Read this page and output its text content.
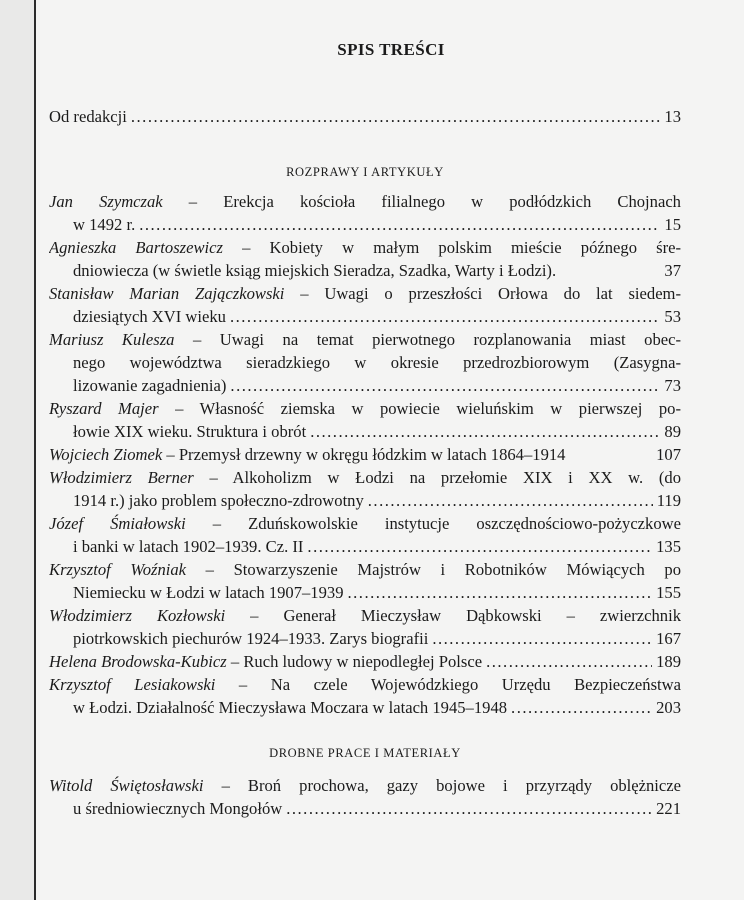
SPIS TREŚCI
Od redakcji .....	13
ROZPRAWY I ARTYKUŁY
Jan Szymczak – Erekcja kościoła filialnego w podłódzkich Chojnach
w 1492 r. .....	15
Agnieszka Bartoszewicz – Kobiety w małym polskim mieście późnego śre-
dniowiecza (w świetle ksiąg miejskich Sieradza, Szadka, Warty i Łodzi).	37
Stanisław Marian Zajączkowski – Uwagi o przeszłości Orłowa do lat siedem-
dziesiątych XVI wieku .....	53
Mariusz Kulesza – Uwagi na temat pierwotnego rozplanowania miast obec-
nego województwa sieradzkiego w okresie przedrozbiorowym (Zasygna-
lizowanie zagadnienia) .....	73
Ryszard Majer – Własność ziemska w powiecie wieluńskim w pierwszej po-
łowie XIX wieku. Struktura i obrót .....	89
Wojciech Ziomek – Przemysł drzewny w okręgu łódzkim w latach 1864–1914	107
Włodzimierz Berner – Alkoholizm w Łodzi na przełomie XIX i XX w. (do
1914 r.) jako problem społeczno-zdrowotny .....	119
Józef Śmiałowski – Zduńskowolskie instytucje oszczędnościowo-pożyczkowe
i banki w latach 1902–1939. Cz. II .....	135
Krzysztof Woźniak – Stowarzyszenie Majstrów i Robotników Mówiących po
Niemiecku w Łodzi w latach 1907–1939 .....	155
Włodzimierz Kozłowski – Generał Mieczysław Dąbkowski – zwierzchnik
piotrkowskich piechurów 1924–1933. Zarys biografii .....	167
Helena Brodowska-Kubicz – Ruch ludowy w niepodległej Polsce .....	189
Krzysztof Lesiakowski – Na czele Wojewódzkiego Urzędu Bezpieczeństwa
w Łodzi. Działalność Mieczysława Moczara w latach 1945–1948 .....	203
DROBNE PRACE I MATERIAŁY
Witold Świętosławski – Broń prochowa, gazy bojowe i przyrządy oblężnicze
u średniowiecznych Mongołów .....	221
